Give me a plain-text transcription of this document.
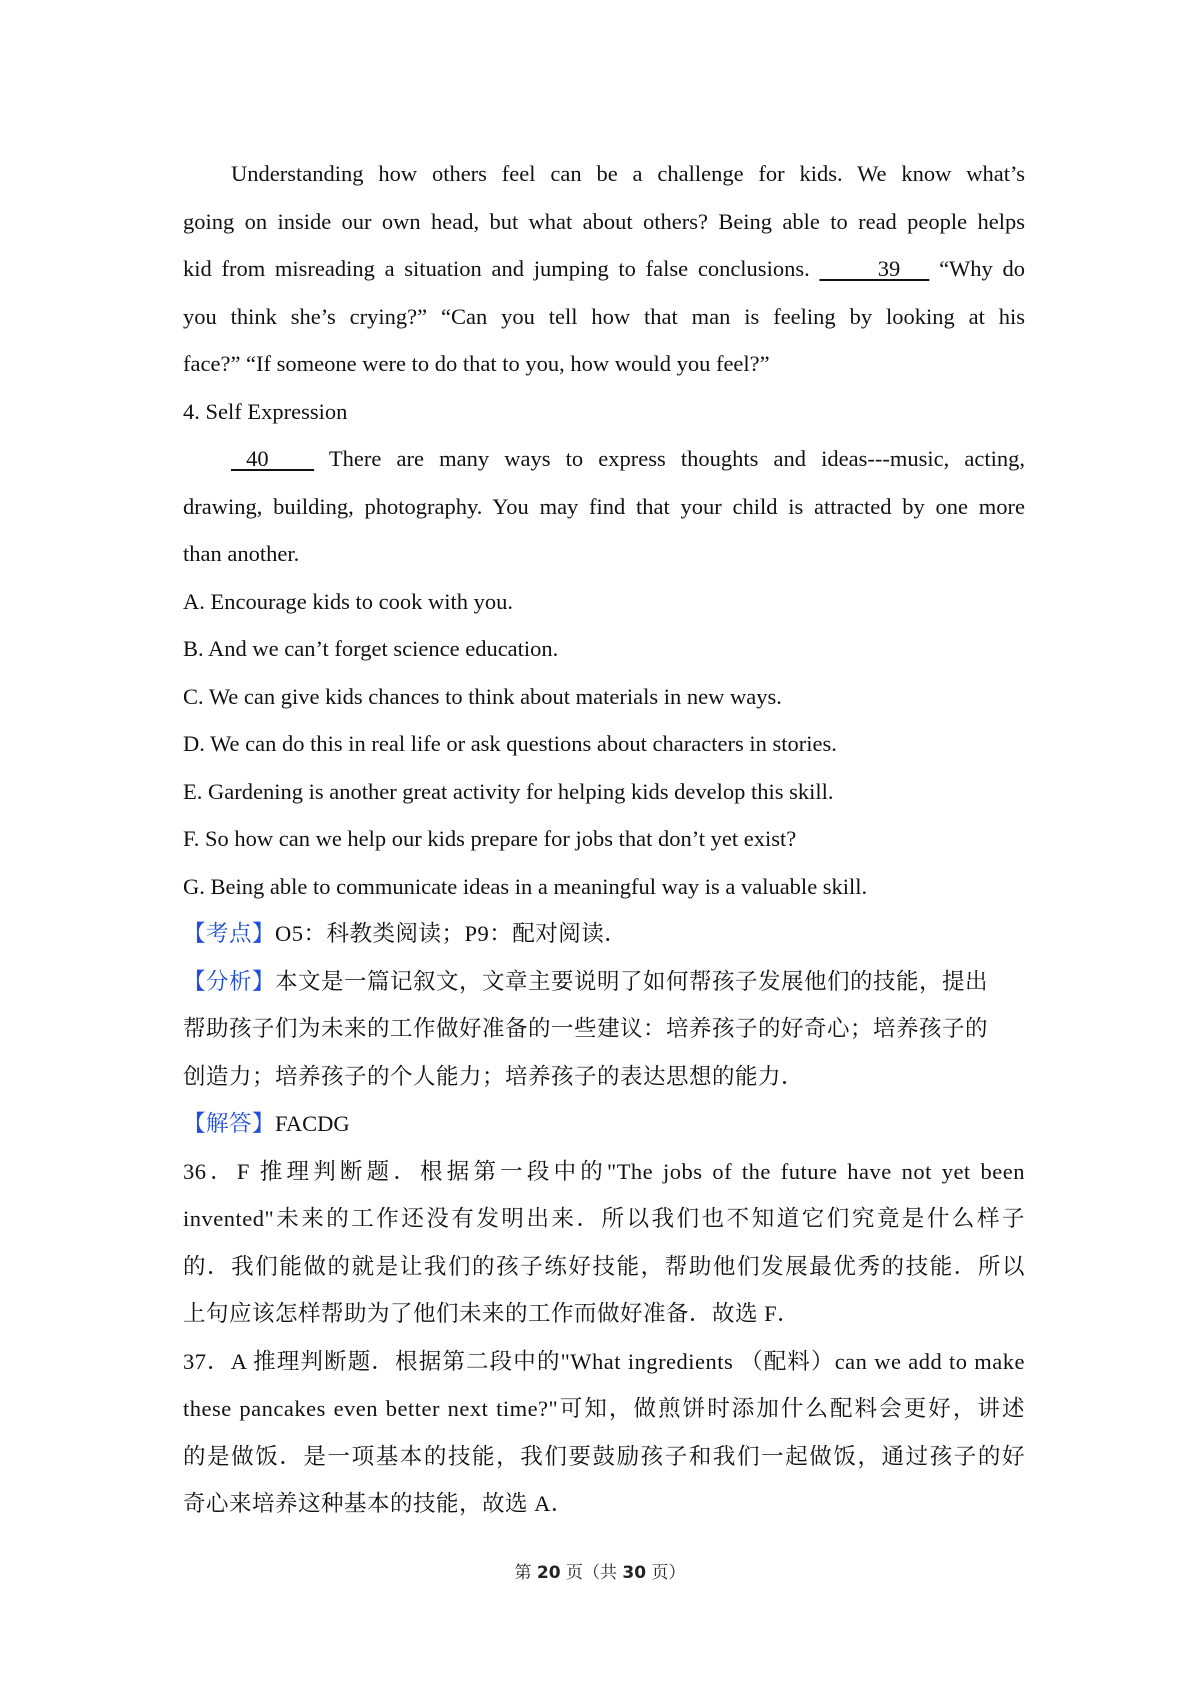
Understanding how others feel can be a challenge for kids. We know what’s
going on inside our own head, but what about others? Being able to read people helps
kid from misreading a situation and jumping to false conclusions.       39    “Why do
you think she’s crying?” “Can you tell how that man is feeling by looking at his
face?” “If someone were to do that to you, how would you feel?”
4. Self Expression
40    There are many ways to express thoughts and ideas---music, acting,
drawing, building, photography. You may find that your child is attracted by one more
than another.
A. Encourage kids to cook with you.
B. And we can’t forget science education.
C. We can give kids chances to think about materials in new ways.
D. We can do this in real life or ask questions about characters in stories.
E. Gardening is another great activity for helping kids develop this skill.
F. So how can we help our kids prepare for jobs that don’t yet exist?
G. Being able to communicate ideas in a meaningful way is a valuable skill.
【考点】O5：科教类阅读；P9：配对阅读．
【分析】本文是一篇记叙文，文章主要说明了如何帮孩子发展他们的技能，提出
帮助孩子们为未来的工作做好准备的一些建议：培养孩子的好奇心；培养孩子的
创造力；培养孩子的个人能力；培养孩子的表达思想的能力．
【解答】FACDG
36．F 推理判断题．根据第一段中的"The jobs of the future have not yet been
invented"未来的工作还没有发明出来．所以我们也不知道它们究竟是什么样子
的．我们能做的就是让我们的孩子练好技能，帮助他们发展最优秀的技能．所以
上句应该怎样帮助为了他们未来的工作而做好准备．故选 F．
37．A 推理判断题．根据第二段中的"What ingredients （配料）can we add to make
these pancakes even better next time?"可知，做煎饼时添加什么配料会更好，讲述
的是做饭．是一项基本的技能，我们要鼓励孩子和我们一起做饭，通过孩子的好
奇心来培养这种基本的技能，故选 A．
第 20 页（共 30 页）
